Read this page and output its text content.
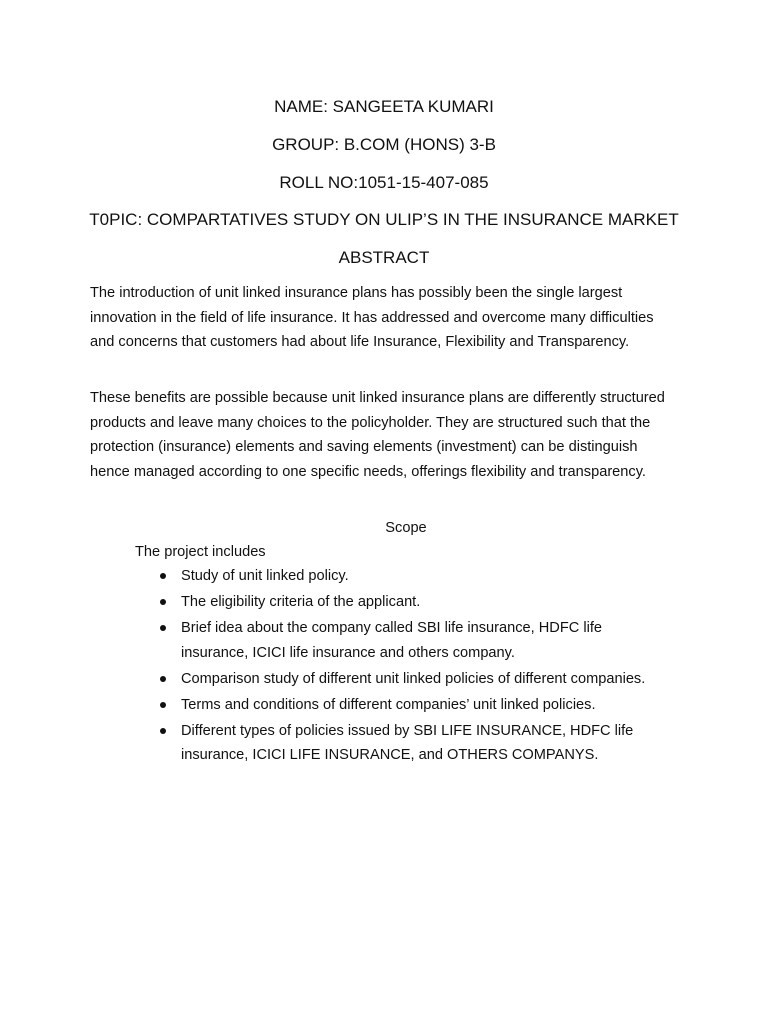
NAME: SANGEETA KUMARI
GROUP: B.COM (HONS) 3-B
ROLL NO:1051-15-407-085
T0PIC: COMPARTATIVES STUDY ON ULIP’S IN THE INSURANCE MARKET
ABSTRACT
The introduction of unit linked insurance plans has possibly been the single largest innovation in the field of life insurance. It has addressed and overcome many difficulties and concerns that customers had about life Insurance, Flexibility and Transparency.
These benefits are possible because unit linked insurance plans are differently structured products and leave many choices to the policyholder. They are structured such that the protection (insurance) elements and saving elements (investment) can be distinguish hence managed according to one specific needs, offerings flexibility and transparency.
Scope
The project includes
Study of unit linked policy.
The eligibility criteria of the applicant.
Brief idea about the company called SBI life insurance, HDFC life insurance, ICICI life insurance and others company.
Comparison study of different unit linked policies of different companies.
Terms and conditions of different companies’ unit linked policies.
Different types of policies issued by SBI LIFE INSURANCE, HDFC life insurance, ICICI LIFE INSURANCE, and OTHERS COMPANYS.
